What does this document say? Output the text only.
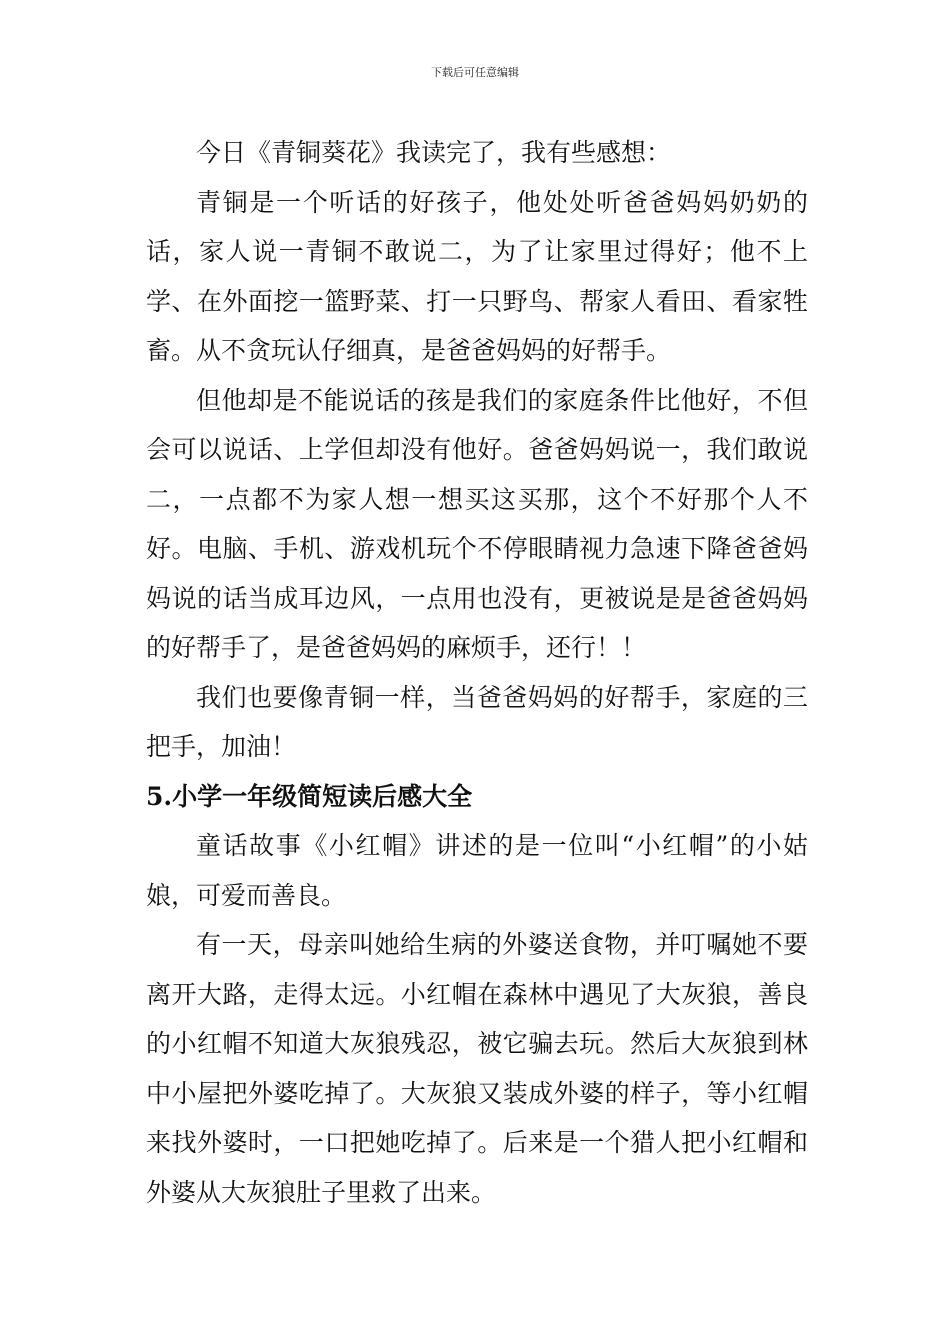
下载后可任意编辑

今日《青铜葵花》我读完了，我有些感想：

青铜是一个听话的好孩子，他处处听爸爸妈妈奶奶的话，家人说一青铜不敢说二，为了让家里过得好；他不上学、在外面挖一篮野菜、打一只野鸟、帮家人看田、看家牲畜。从不贪玩认仔细真，是爸爸妈妈的好帮手。

但他却是不能说话的孩是我们的家庭条件比他好，不但会可以说话、上学但却没有他好。爸爸妈妈说一，我们敢说二，一点都不为家人想一想买这买那，这个不好那个人不好。电脑、手机、游戏机玩个不停眼睛视力急速下降爸爸妈妈说的话当成耳边风，一点用也没有，更被说是是爸爸妈妈的好帮手了，是爸爸妈妈的麻烦手，还行！！

我们也要像青铜一样，当爸爸妈妈的好帮手，家庭的三把手，加油！

5.小学一年级简短读后感大全

童话故事《小红帽》讲述的是一位叫“小红帽”的小姑娘，可爱而善良。

有一天，母亲叫她给生病的外婆送食物，并叮嘱她不要离开大路，走得太远。小红帽在森林中遇见了大灰狼，善良的小红帽不知道大灰狼残忍，被它骗去玩。然后大灰狼到林中小屋把外婆吃掉了。大灰狼又装成外婆的样子，等小红帽来找外婆时，一口把她吃掉了。后来是一个猎人把小红帽和外婆从大灰狼肚子里救了出来。
